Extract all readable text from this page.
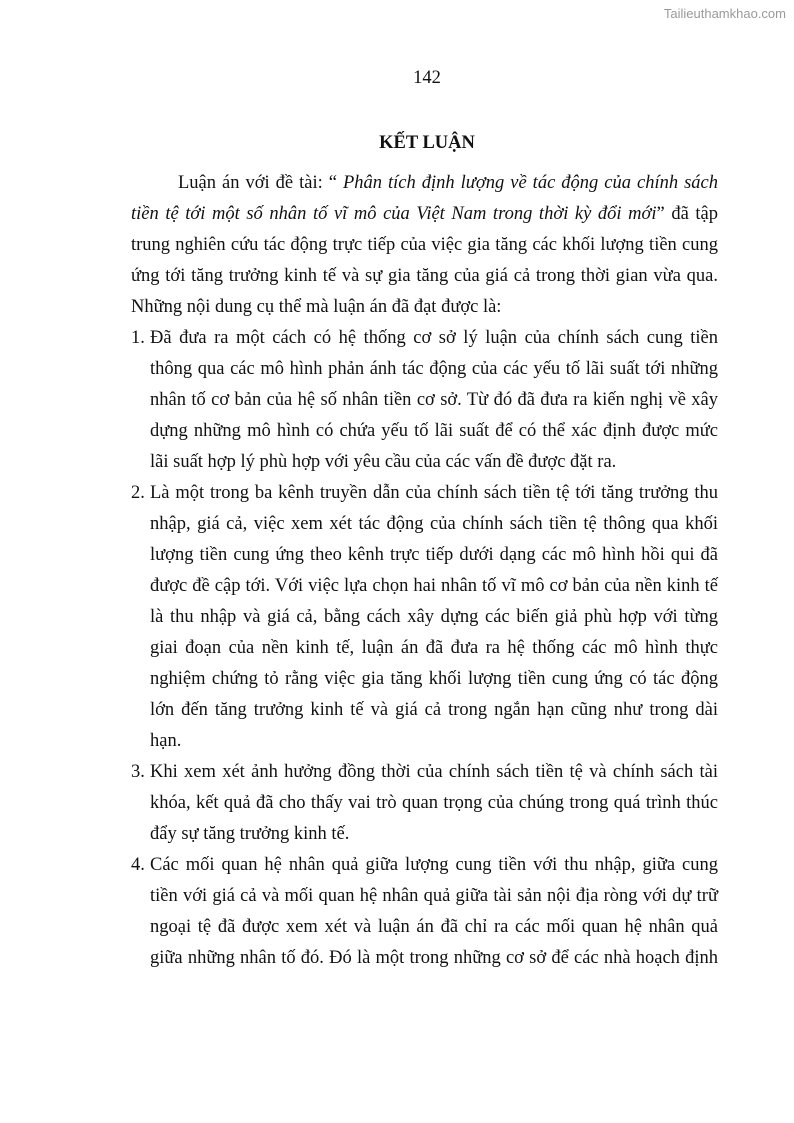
Tailieuthamkhao.com
142
KẾT LUẬN
Luận án với đề tài: “ Phân tích định lượng về tác động của chính sách
tiền tệ tới một số nhân tố vĩ mô của Việt Nam trong thời kỳ đổi mới” đã tập
trung nghiên cứu tác động trực tiếp của việc gia tăng các khối lượng tiền cung
ứng tới tăng trưởng kinh tế và sự gia tăng của giá cả trong thời gian vừa qua.
Những nội dung cụ thể mà luận án đã đạt được là:
1. Đã đưa ra một cách có hệ thống cơ sở lý luận của chính sách cung tiền
thông qua các mô hình phản ánh tác động của các yếu tố lãi suất tới những
nhân tố cơ bản của hệ số nhân tiền cơ sở. Từ đó đã đưa ra kiến nghị về xây
dựng những mô hình có chứa yếu tố lãi suất để có thể xác định được mức
lãi suất hợp lý phù hợp với yêu cầu của các vấn đề được đặt ra.
2. Là một trong ba kênh truyền dẫn của chính sách tiền tệ tới tăng trưởng thu
nhập, giá cả, việc xem xét tác động của chính sách tiền tệ thông qua khối
lượng tiền cung ứng theo kênh trực tiếp dưới dạng các mô hình hồi qui đã
được đề cập tới. Với việc lựa chọn hai nhân tố vĩ mô cơ bản của nền kinh tế
là thu nhập và giá cả, bằng cách xây dựng các biến giả phù hợp với từng
giai đoạn của nền kinh tế, luận án đã đưa ra hệ thống các mô hình thực
nghiệm chứng tỏ rằng việc gia tăng khối lượng tiền cung ứng có tác động
lớn đến tăng trưởng kinh tế và giá cả trong ngắn hạn cũng như trong dài
hạn.
3. Khi xem xét ảnh hưởng đồng thời của chính sách tiền tệ và chính sách tài
khóa, kết quả đã cho thấy vai trò quan trọng của chúng trong quá trình thúc
đẩy sự tăng trưởng kinh tế.
4. Các mối quan hệ nhân quả giữa lượng cung tiền với thu nhập, giữa cung
tiền với giá cả và mối quan hệ nhân quả giữa tài sản nội địa ròng với dự trữ
ngoại tệ đã được xem xét và luận án đã chỉ ra các mối quan hệ nhân quả
giữa những nhân tố đó. Đó là một trong những cơ sở để các nhà hoạch định
